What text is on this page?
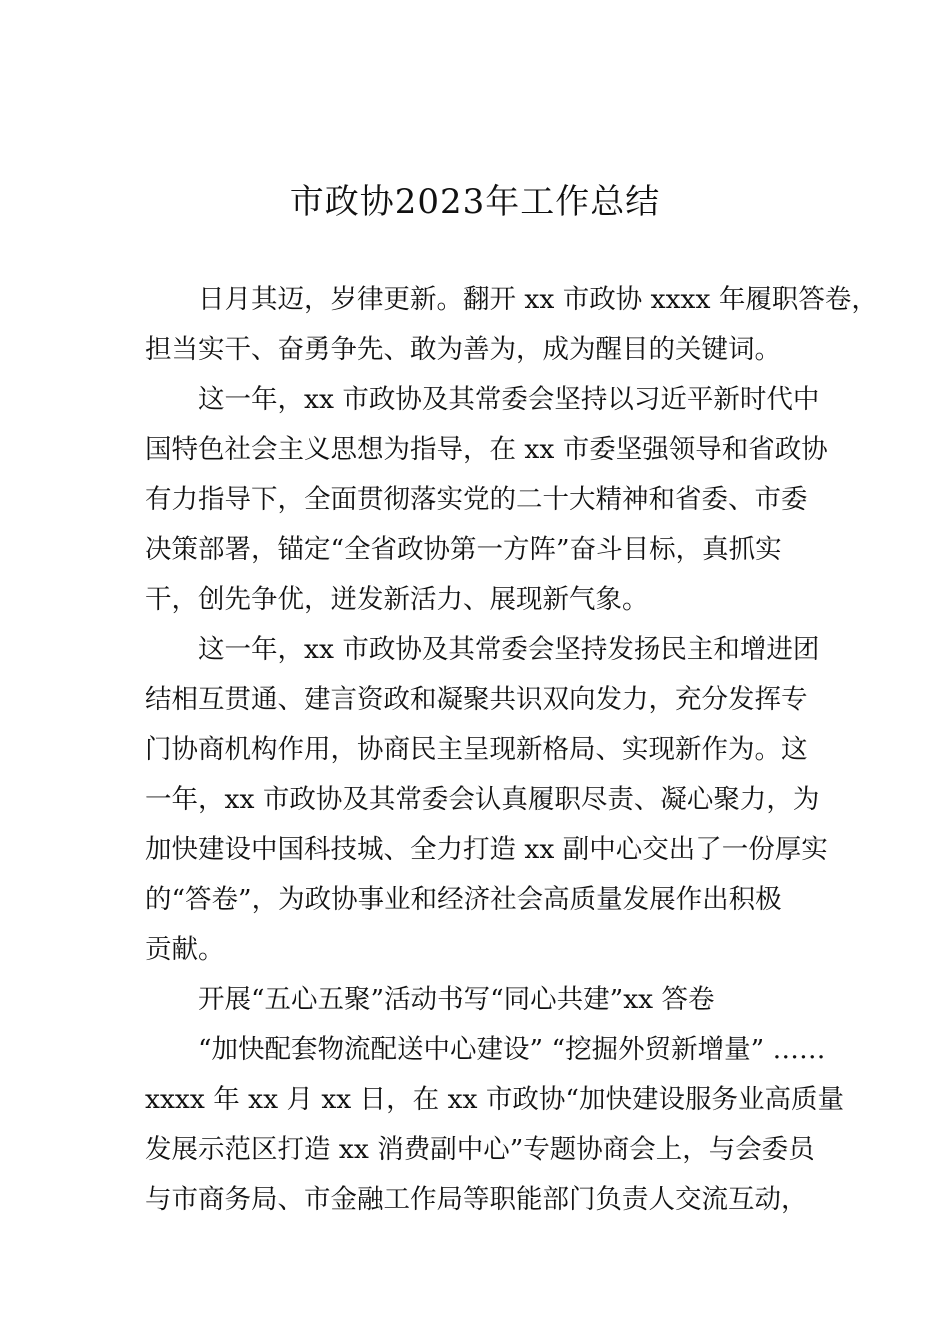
市政协2023年工作总结
日月其迈，岁律更新。翻开 xx 市政协 xxxx 年履职答卷，
担当实干、奋勇争先、敢为善为，成为醒目的关键词。
这一年，xx 市政协及其常委会坚持以习近平新时代中
国特色社会主义思想为指导，在 xx 市委坚强领导和省政协
有力指导下，全面贯彻落实党的二十大精神和省委、市委
决策部署，锚定“全省政协第一方阵”奋斗目标，真抓实
干，创先争优，迸发新活力、展现新气象。
这一年，xx 市政协及其常委会坚持发扬民主和增进团
结相互贯通、建言资政和凝聚共识双向发力，充分发挥专
门协商机构作用，协商民主呈现新格局、实现新作为。这
一年，xx 市政协及其常委会认真履职尽责、凝心聚力，为
加快建设中国科技城、全力打造 xx 副中心交出了一份厚实
的“答卷”，为政协事业和经济社会高质量发展作出积极
贡献。
开展“五心五聚”活动书写“同心共建”xx 答卷
“加快配套物流配送中心建设” “挖掘外贸新增量” ……
xxxx 年 xx 月 xx 日，在 xx 市政协“加快建设服务业高质量
发展示范区打造 xx 消费副中心”专题协商会上，与会委员
与市商务局、市金融工作局等职能部门负责人交流互动，
